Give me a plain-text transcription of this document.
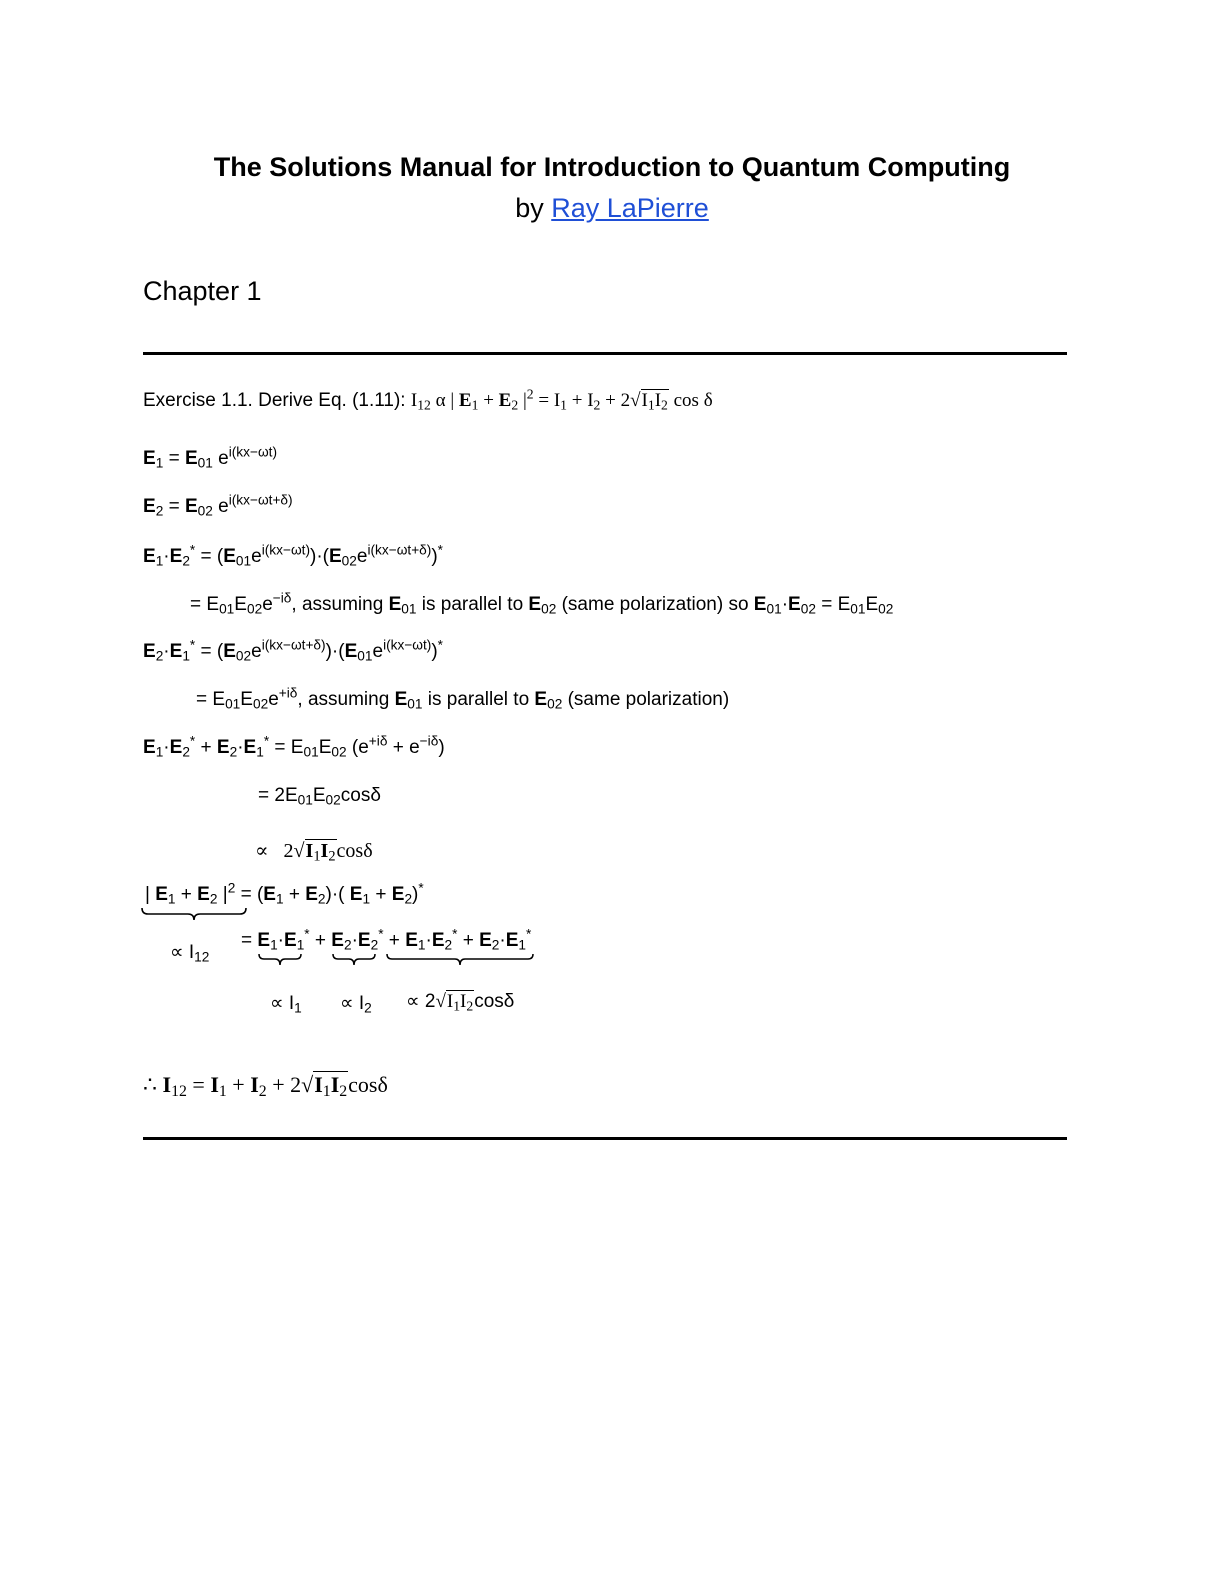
The Solutions Manual for Introduction to Quantum Computing
by Ray LaPierre
Chapter 1
Exercise 1.1. Derive Eq. (1.11): $I_{12}$ α | $E_1 + E_2$ $|^2 = I_1 + I_2 + 2√I_1I_2$ cos δ
$E_1 = E_{01}$ $e^{i(kx-\omega t)}$
$E_2 = E_{02}$ $e^{i(kx-\omega t+\delta)}$
$E_1\cdot E_2^* = (E_{01}e^{i(kx-\omega t)})\cdot(E_{02}e^{i(kx-\omega t+\delta)})^*$
= $E_{01}E_{02}e^{-i\delta}$, assuming $E_{01}$ is parallel to $E_{02}$ (same polarization) so $E_{01}\cdot E_{02} = E_{01}E_{02}$
$E_2\cdot E_1^* = (E_{02}e^{i(kx-\omega t+\delta)})\cdot(E_{01}e^{i(kx-\omega t)})^*$
= $E_{01}E_{02}e^{+i\delta}$, assuming $E_{01}$ is parallel to $E_{02}$ (same polarization)
$E_1\cdot E_2^* + E_2\cdot E_1^* = E_{01}E_{02}$ $(e^{+i\delta} + e^{-i\delta})$
= $2E_{01}E_{02}\cos\delta$
∝ $2√I_1I_2\cos\delta$
| $E_1 + E_2$ $|^2 = (E_1 + E_2)\cdot$( $E_1 + E_2)^*$
∝ $I_{12}$
= $E_1\cdot E_1^* + E_2\cdot E_2^* + E_1\cdot E_2^* + E_2\cdot E_1^*$
∝ $I_1 \propto I_2 \propto 2√I_1I_2\cos\delta$
∴ $I_{12} = I_1 + I_2 + 2√I_1I_2\cos\delta$
